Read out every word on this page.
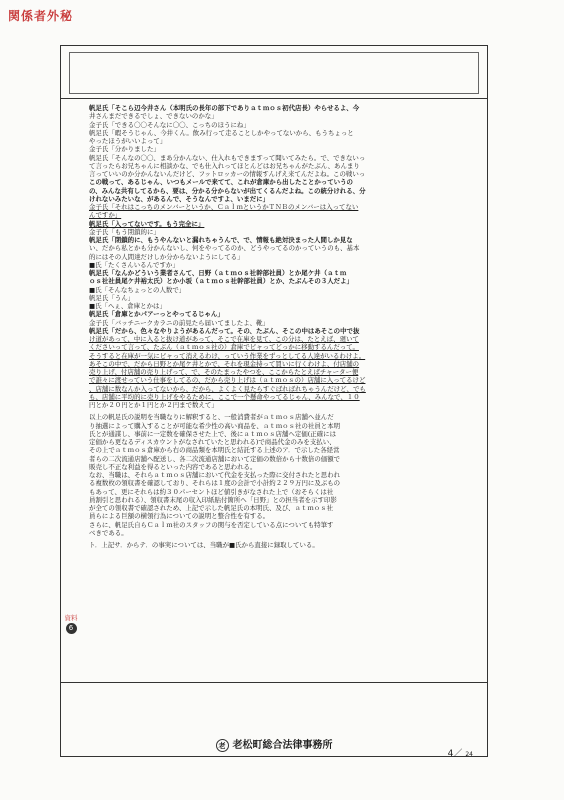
関係者外秘
帆足氏「そこら辺今井さん（本明氏の長年の部下でありａｔｍｏｓ初代店長）やらせるよ、今
井さんまだできるでしょ、できないのかな」
金子氏「できる〇〇そんなに〇〇、こっちのほうにね」
帆足氏「暇そうじゃん、今井くん。飲み行って走ることしかやってないから、もうちょっと
やったほうがいいよって」
金子氏「分かりました」
帆足氏「そんなの〇〇、まあ分かんない、仕入れもできますって聞いてみたら。で、できないっ
て言ったらお兄ちゃんに相談かな、でも仕入れってほとんどはお兄ちゃんがたぶん、あんまり
言っていいのか分かんないんだけど、フットロッカーの情報すんげえ来てんだよね。この戦いっ
この戦って、あるじゃん、いつもメールで来てて、これが倉庫から出したことかっていうの
の、みんな共有してるから、要は、分かる分からないが出てくるんだよね。この統分けれる、分
けれないみたいな、があるんで、そうなんですよ、いまだに」
金子氏「それはこっちのメンバーというか、ＣａｌｍというかＴＮＢのメンバーは入ってない
んですか」
帆足氏「入ってないです。もう完全に」
金子氏「もう閉鎖的に」
帆足氏「閉鎖的に、もうやんないと漏れちゃうんで、で、情報も絶対決まった人間しか見な
い、だから私とかも分かんないし、何をやってるのか、どうやってるのかっていうのも、基本
的にはその人間達だけしか分からないようにしてる」
■氏「たくさんいるんですか」
帆足氏「なんかどういう業者さんて、日野（ａｔｍｏｓ社幹部社員）とか尾ケ井（ａｔｍ
ｏｓ社社員尾ケ井裕太氏）とか小坂（ａｔｍｏｓ社幹部社員）とか、たぶんその３人だよ」
■氏「そんなちょっとの人数で」
帆足氏「うん」
■氏「へぇ、倉庫とかは」
帆足氏「倉庫とかパアーっとやってるじゃん」
金子氏「バッチニークカラニの前見たら届いてましたよ、靴」
帆足氏「だから、色々なやりようがあるんだって。その、たぶん、そこの中はあそこの中で抜
け道があって、中に入ると抜け道があって、そこで在庫を見て、この分は、たとえば、廻いて
くださいって言って、たぶん（ａｔｍｏｓ社の）倉庫でピャってどっかに移動するんだって。
そうすると在庫が一気にピャって消えるわけ、っていう作業をずっとしてる人達がいるわけよ。
あそこの中で、だから日野とか尾ケ井とかで、それを現金持って買いに行くわけよ、付店舗の
売り上げ、付店舗の売り上げって、で、そのたまったやつを、ここからたとえばチャーター便
で誰々に渡せっていう仕事をしてるの、だから売り上げは（ａｔｍｏｓの）店舗に入ってるけど
、店舗に数なんか入ってないから、だから、よくよく見たらすぐばればれちゃうんだけど、でも
も、店舗に平均的に売り上げをやるために、ここで一个懸命やってるじゃん、みんなで、１０
円とか２０円とか１円とか２円まで数えて」
以上の帆足氏の説明を当職なりに解釈すると、一般消費者がａｔｍｏｓ店舗へ並んだ
り抽選によって購入することが可能な希少性の高い商品を、ａｔｍｏｓ社の社員と本明
氏とが通謀し、事前に一定数を確保させた上で、後にａｔｍｏｓ店舗へ定価(正確には
定価から更なるディスカウントがなされていたと思われる)で商品代金のみを支払い、
その上でａｔｍｏｓ倉庫から右の商品類を本明氏と結託する上述のア．で示した各経営
者らの二次流通店舗へ配送し、各二次流通店舗において定価の数倍から十数倍の価額で
販売し不正な利益を得るといった内容であると思われる。
なお、当職は、それらａｔｍｏｓ店舗において代金を支払った際に交付されたと思われ
る複数枚の領収書を確認しており、それらは１度の会計で小計約２２９万円に及ぶもの
もあって、更にそれらは約３０パーセントほど値引きがなされた上で（おそらくは社
員割引と思われる）、領収書末尾の収入印紙貼付箇所へ「日野」との担当者を示す印影
が全ての領収書で確認されため、上記で示した帆足氏の本明氏、及び、ａｔｍｏｓ社
員らによる巨額の横領行為についての説明と整合性を有する。
さらに、帆足氏自らＣａｌｍ社のスタッフの関与を否定している点についても特筆す
べきである。
ト．上記サ．からテ．の事実については、当職が■氏から直接に録取している。
老 老松町総合法律事務所
4／ 24
資料
6
